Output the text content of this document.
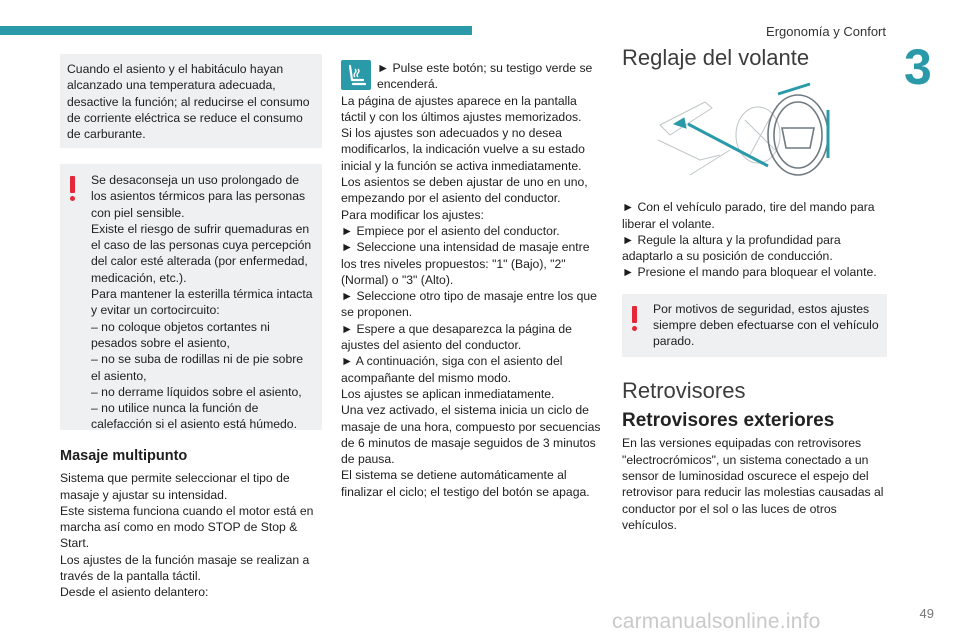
Ergonomía y Confort
3

Cuando el asiento y el habitáculo hayan alcanzado una temperatura adecuada, desactive la función; al reducirse el consumo de corriente eléctrica se reduce el consumo de carburante.

Se desaconseja un uso prolongado de los asientos térmicos para las personas con piel sensible.
Existe el riesgo de sufrir quemaduras en el caso de las personas cuya percepción del calor esté alterada (por enfermedad, medicación, etc.).
Para mantener la esterilla térmica intacta y evitar un cortocircuito:
– no coloque objetos cortantes ni pesados sobre el asiento,
– no se suba de rodillas ni de pie sobre el asiento,
– no derrame líquidos sobre el asiento,
– no utilice nunca la función de calefacción si el asiento está húmedo.

Masaje multipunto

Sistema que permite seleccionar el tipo de masaje y ajustar su intensidad.
Este sistema funciona cuando el motor está en marcha así como en modo STOP de Stop & Start.
Los ajustes de la función masaje se realizan a través de la pantalla táctil.
Desde el asiento delantero:

► Pulse este botón; su testigo verde se encenderá.

La página de ajustes aparece en la pantalla táctil y con los últimos ajustes memorizados.
Si los ajustes son adecuados y no desea modificarlos, la indicación vuelve a su estado inicial y la función se activa inmediatamente.
Los asientos se deben ajustar de uno en uno, empezando por el asiento del conductor.
Para modificar los ajustes:
► Empiece por el asiento del conductor.
► Seleccione una intensidad de masaje entre los tres niveles propuestos: "1" (Bajo), "2" (Normal) o "3" (Alto).
► Seleccione otro tipo de masaje entre los que se proponen.
► Espere a que desaparezca la página de ajustes del asiento del conductor.
► A continuación, siga con el asiento del acompañante del mismo modo.
Los ajustes se aplican inmediatamente.
Una vez activado, el sistema inicia un ciclo de masaje de una hora, compuesto por secuencias de 6 minutos de masaje seguidos de 3 minutos de pausa.
El sistema se detiene automáticamente al finalizar el ciclo; el testigo del botón se apaga.

Reglaje del volante

► Con el vehículo parado, tire del mando para liberar el volante.
► Regule la altura y la profundidad para adaptarlo a su posición de conducción.
► Presione el mando para bloquear el volante.

Por motivos de seguridad, estos ajustes siempre deben efectuarse con el vehículo parado.

Retrovisores
Retrovisores exteriores

En las versiones equipadas con retrovisores "electrocrómicos", un sistema conectado a un sensor de luminosidad oscurece el espejo del retrovisor para reducir las molestias causadas al conductor por el sol o las luces de otros vehículos.

carmanualsonline.info	49
